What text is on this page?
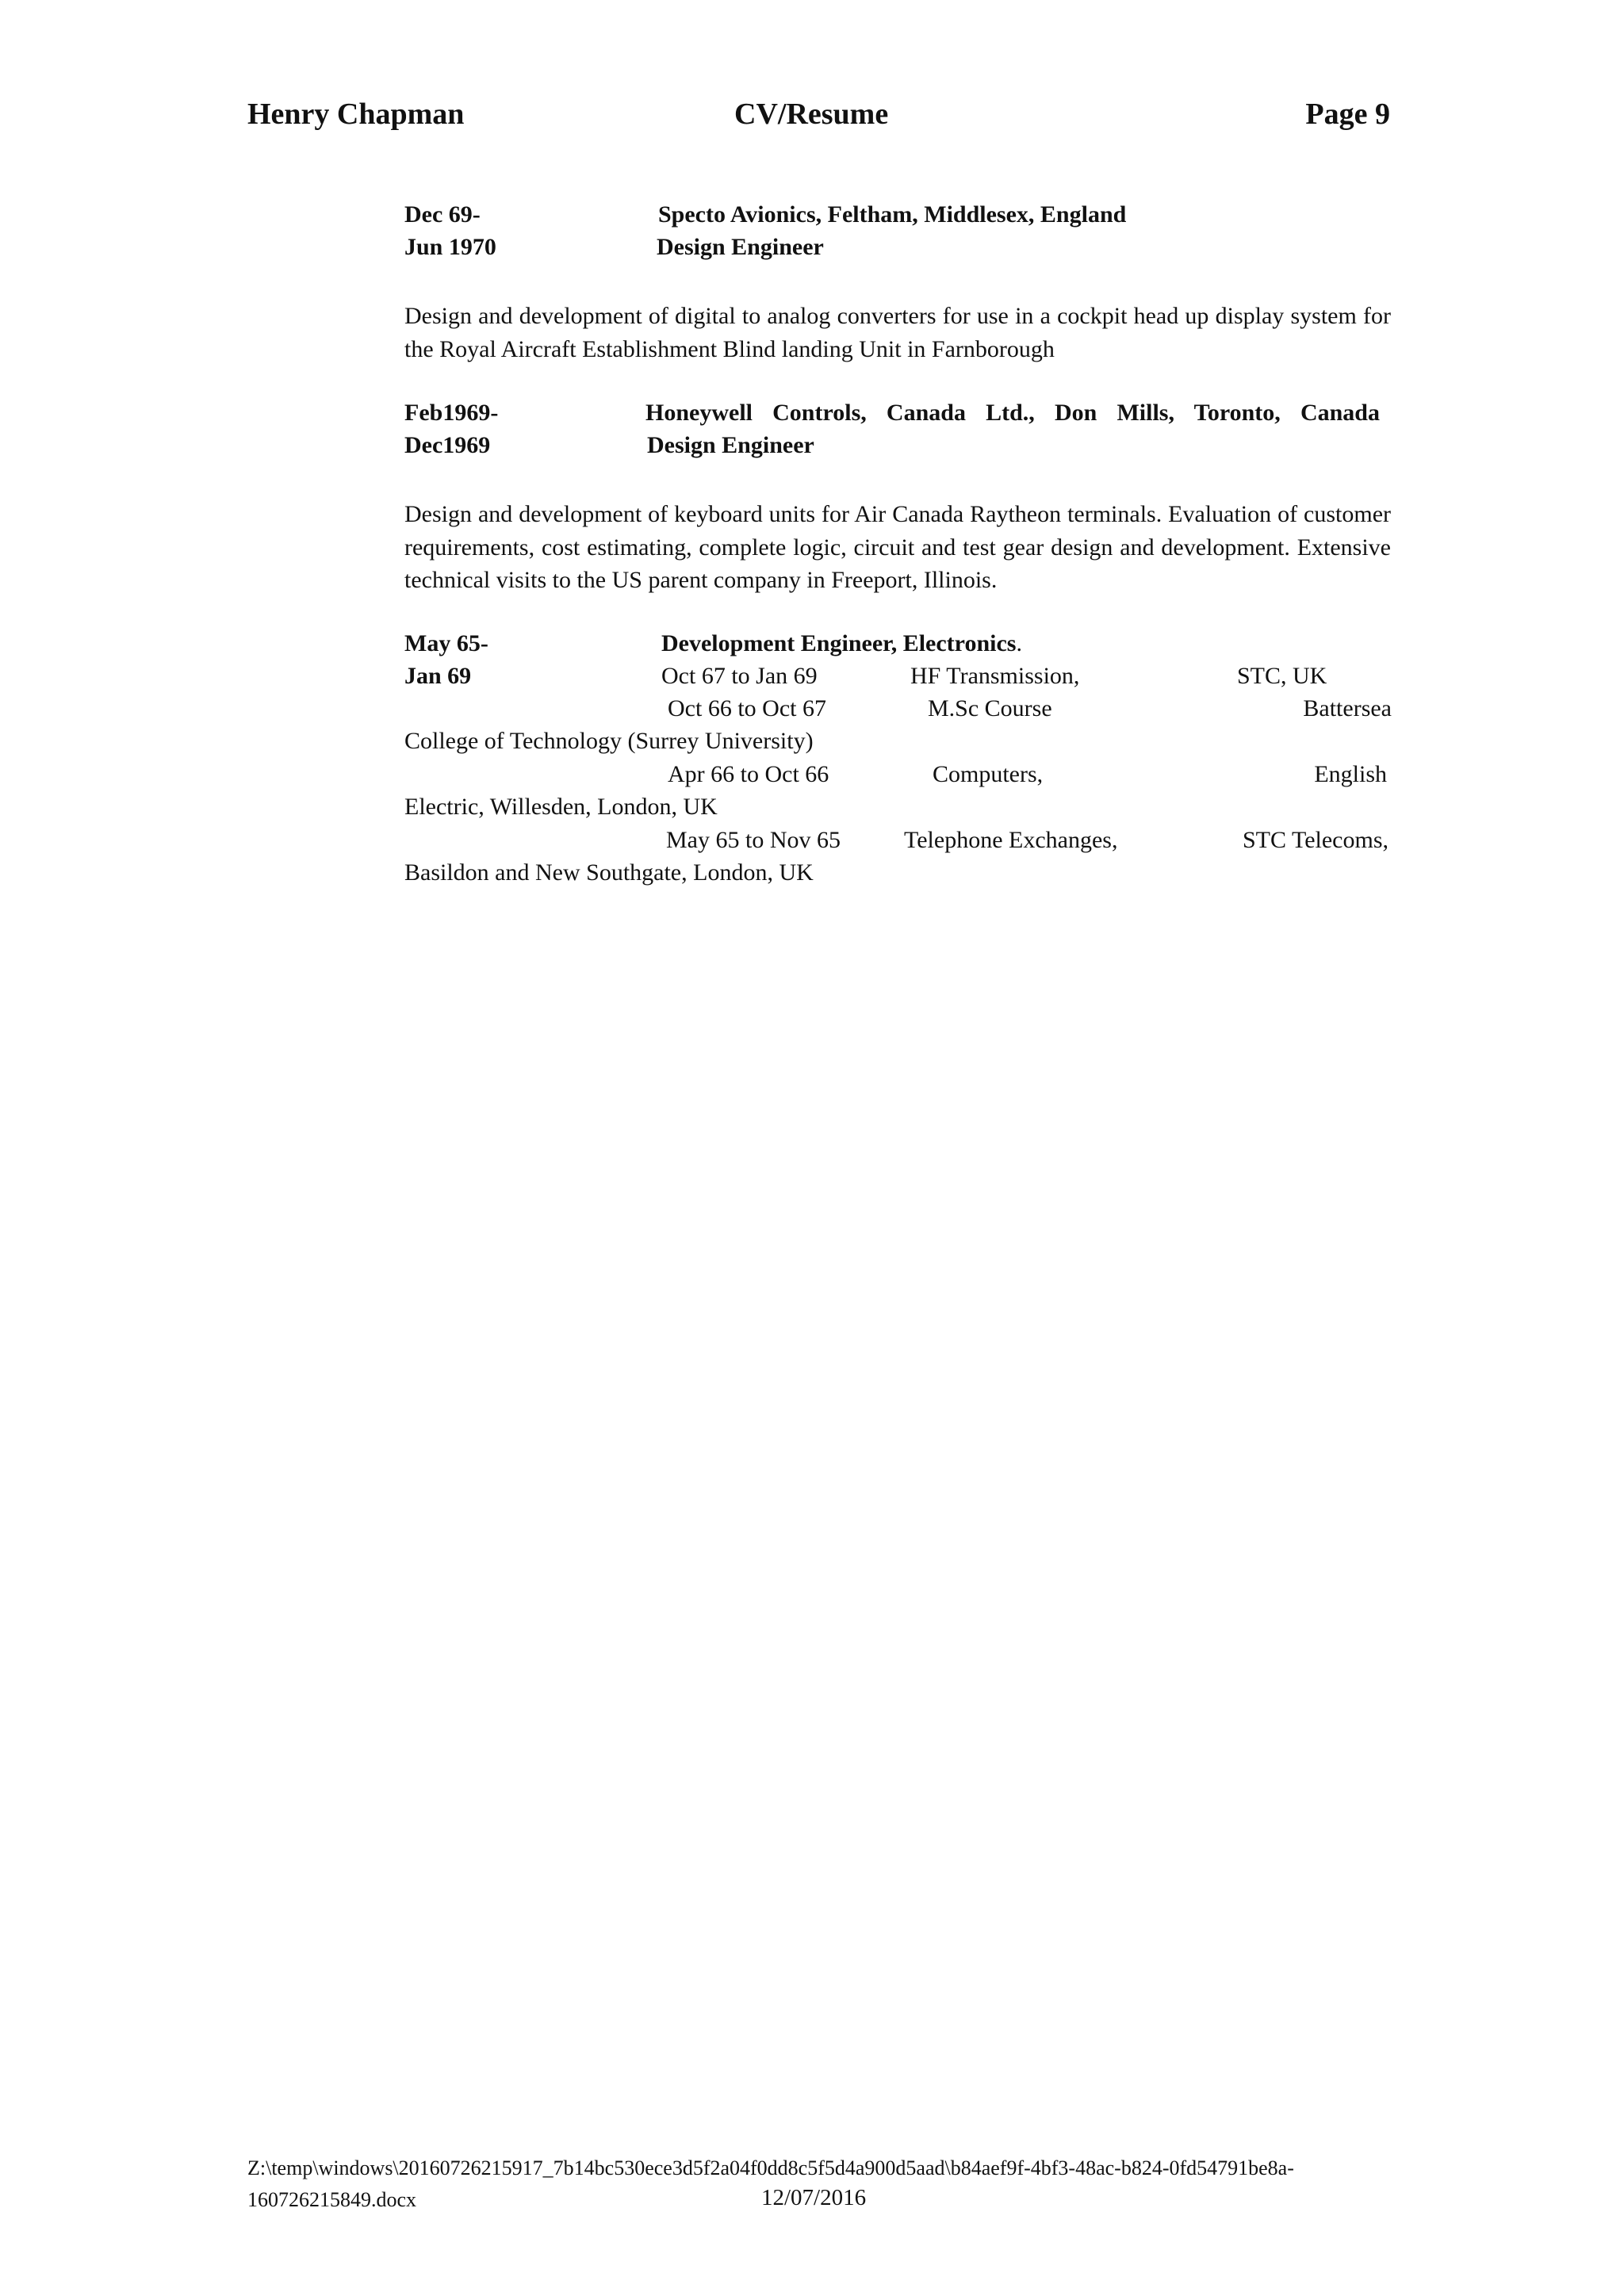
Henry Chapman	CV/Resume	Page 9
Dec 69-	Specto Avionics, Feltham, Middlesex, England
Jun 1970	Design Engineer
Design and development of digital to analog converters for use in a cockpit head up display system for the Royal Aircraft Establishment Blind landing Unit in Farnborough
Feb1969-	Honeywell Controls, Canada Ltd., Don Mills, Toronto, Canada
Dec1969	Design Engineer
Design and development of keyboard units for Air Canada Raytheon terminals. Evaluation of customer requirements, cost estimating, complete logic, circuit and test gear design and development. Extensive technical visits to the US parent company in Freeport, Illinois.
May 65-	Development Engineer, Electronics.
Jan 69	Oct 67 to Jan 69	HF Transmission,	STC, UK
Oct 66 to Oct 67	M.Sc Course	Battersea
College of Technology (Surrey University)
Apr 66 to Oct 66	Computers,	English
Electric, Willesden, London, UK
May 65 to Nov 65	Telephone Exchanges,	STC Telecoms,
Basildon and New Southgate, London, UK
Z:\temp\windows\20160726215917_7b14bc530ece3d5f2a04f0dd8c5f5d4a900d5aad\b84aef9f-4bf3-48ac-b824-0fd54791be8a-
160726215849.docx	12/07/2016
